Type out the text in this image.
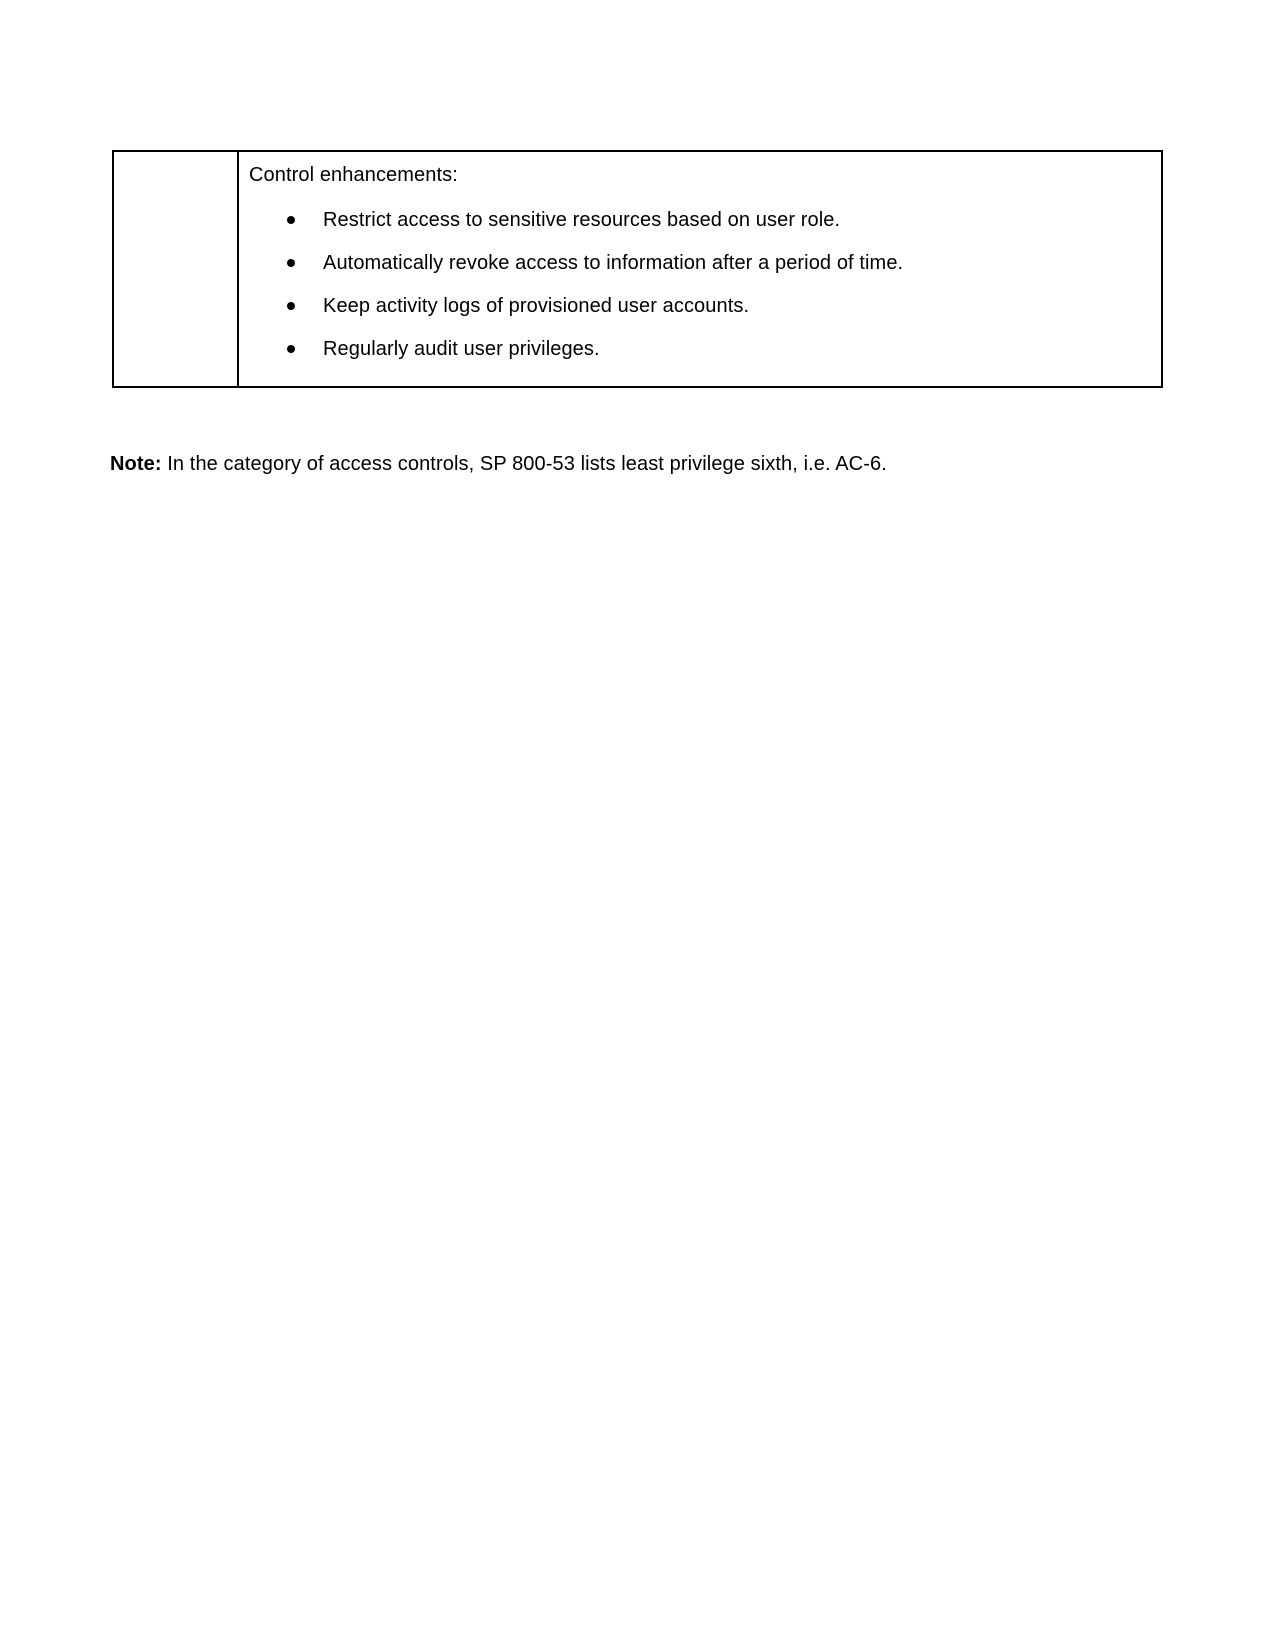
Control enhancements:
Restrict access to sensitive resources based on user role.
Automatically revoke access to information after a period of time.
Keep activity logs of provisioned user accounts.
Regularly audit user privileges.

Note: In the category of access controls, SP 800-53 lists least privilege sixth, i.e. AC-6.
